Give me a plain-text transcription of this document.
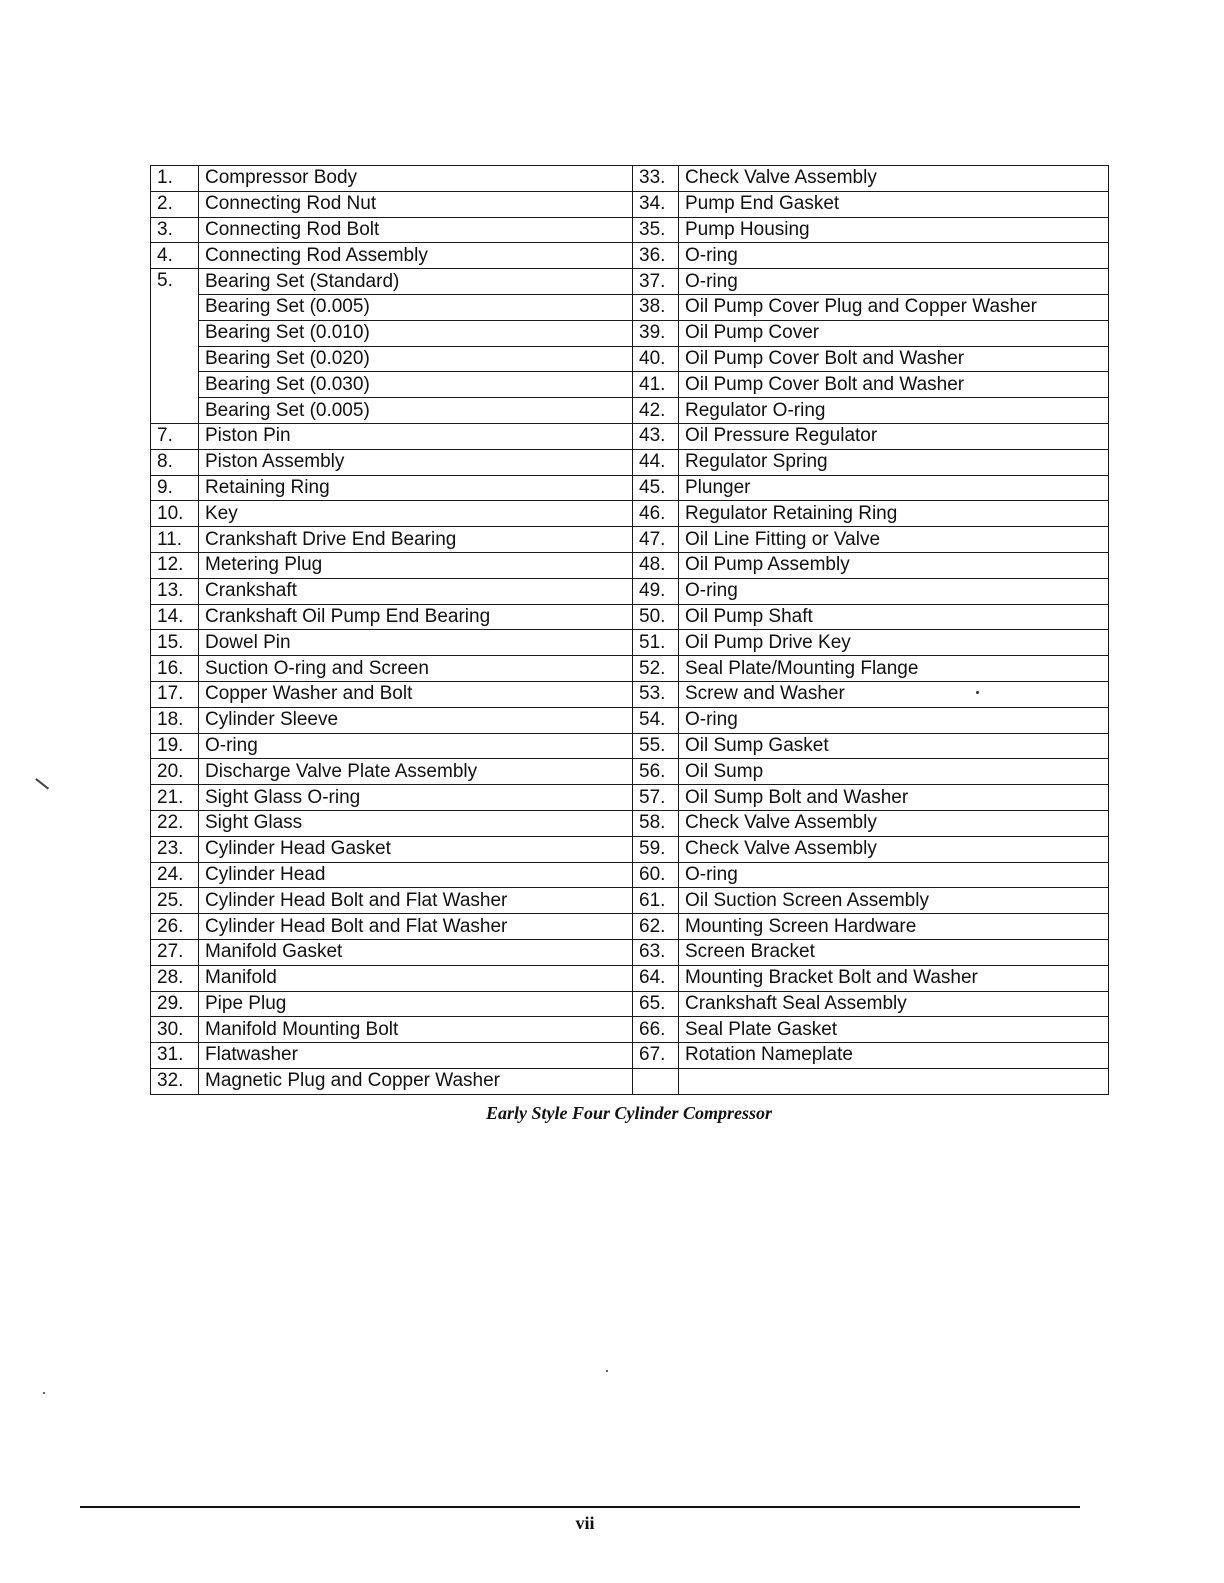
1.	Compressor Body	33.	Check Valve Assembly
2.	Connecting Rod Nut	34.	Pump End Gasket
3.	Connecting Rod Bolt	35.	Pump Housing
4.	Connecting Rod Assembly	36.	O-ring
5.	Bearing Set (Standard)	37.	O-ring
	Bearing Set (0.005)	38.	Oil Pump Cover Plug and Copper Washer
	Bearing Set (0.010)	39.	Oil Pump Cover
	Bearing Set (0.020)	40.	Oil Pump Cover Bolt and Washer
	Bearing Set (0.030)	41.	Oil Pump Cover Bolt and Washer
	Bearing Set (0.005)	42.	Regulator O-ring
7.	Piston Pin	43.	Oil Pressure Regulator
8.	Piston Assembly	44.	Regulator Spring
9.	Retaining Ring	45.	Plunger
10.	Key	46.	Regulator Retaining Ring
11.	Crankshaft Drive End Bearing	47.	Oil Line Fitting or Valve
12.	Metering Plug	48.	Oil Pump Assembly
13.	Crankshaft	49.	O-ring
14.	Crankshaft Oil Pump End Bearing	50.	Oil Pump Shaft
15.	Dowel Pin	51.	Oil Pump Drive Key
16.	Suction O-ring and Screen	52.	Seal Plate/Mounting Flange
17.	Copper Washer and Bolt	53.	Screw and Washer
18.	Cylinder Sleeve	54.	O-ring
19.	O-ring	55.	Oil Sump Gasket
20.	Discharge Valve Plate Assembly	56.	Oil Sump
21.	Sight Glass O-ring	57.	Oil Sump Bolt and Washer
22.	Sight Glass	58.	Check Valve Assembly
23.	Cylinder Head Gasket	59.	Check Valve Assembly
24.	Cylinder Head	60.	O-ring
25.	Cylinder Head Bolt and Flat Washer	61.	Oil Suction Screen Assembly
26.	Cylinder Head Bolt and Flat Washer	62.	Mounting Screen Hardware
27.	Manifold Gasket	63.	Screen Bracket
28.	Manifold	64.	Mounting Bracket Bolt and Washer
29.	Pipe Plug	65.	Crankshaft Seal Assembly
30.	Manifold Mounting Bolt	66.	Seal Plate Gasket
31.	Flatwasher	67.	Rotation Nameplate
32.	Magnetic Plug and Copper Washer		
Early Style Four Cylinder Compressor
vii
